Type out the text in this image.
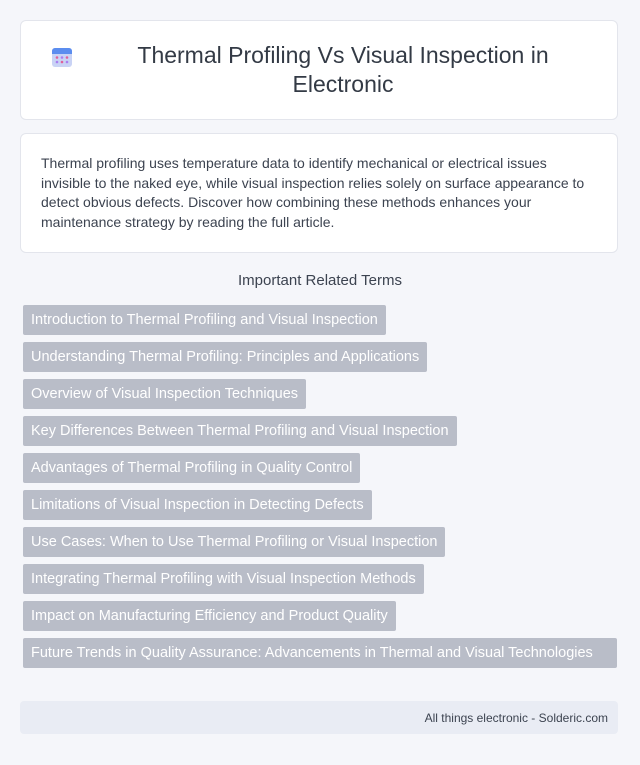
Thermal Profiling Vs Visual Inspection in Electronic

Thermal profiling uses temperature data to identify mechanical or electrical issues invisible to the naked eye, while visual inspection relies solely on surface appearance to detect obvious defects. Discover how combining these methods enhances your maintenance strategy by reading the full article.

Important Related Terms
Introduction to Thermal Profiling and Visual Inspection
Understanding Thermal Profiling: Principles and Applications
Overview of Visual Inspection Techniques
Key Differences Between Thermal Profiling and Visual Inspection
Advantages of Thermal Profiling in Quality Control
Limitations of Visual Inspection in Detecting Defects
Use Cases: When to Use Thermal Profiling or Visual Inspection
Integrating Thermal Profiling with Visual Inspection Methods
Impact on Manufacturing Efficiency and Product Quality
Future Trends in Quality Assurance: Advancements in Thermal and Visual Technologies
All things electronic - Solderic.com
